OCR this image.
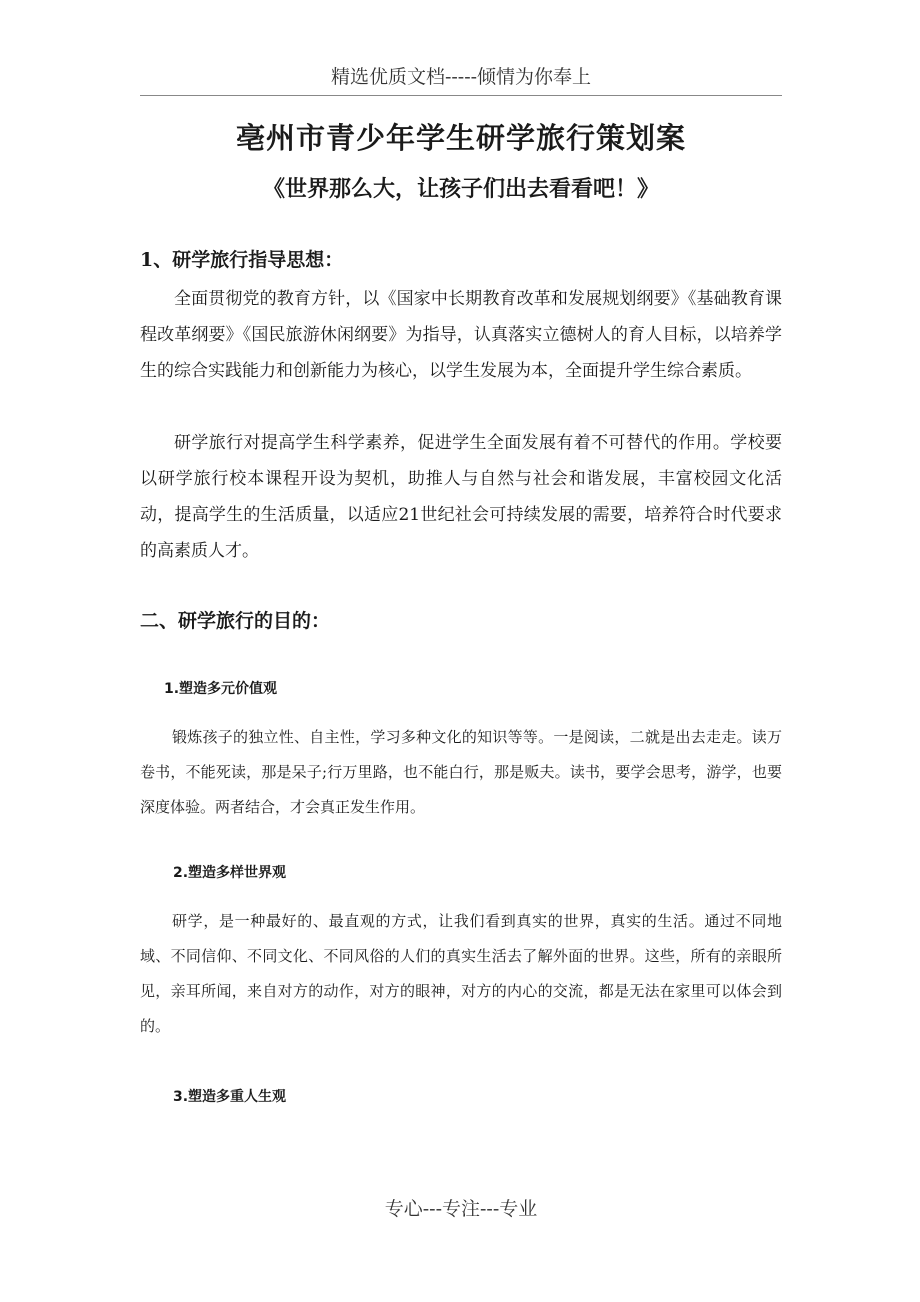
精选优质文档-----倾情为你奉上
亳州市青少年学生研学旅行策划案
《世界那么大，让孩子们出去看看吧！》
1、研学旅行指导思想：
全面贯彻党的教育方针，以《国家中长期教育改革和发展规划纲要》《基础教育课程改革纲要》《国民旅游休闲纲要》为指导，认真落实立德树人的育人目标，以培养学生的综合实践能力和创新能力为核心，以学生发展为本，全面提升学生综合素质。
研学旅行对提高学生科学素养，促进学生全面发展有着不可替代的作用。学校要以研学旅行校本课程开设为契机，助推人与自然与社会和谐发展，丰富校园文化活动，提高学生的生活质量，以适应21世纪社会可持续发展的需要，培养符合时代要求的高素质人才。
二、研学旅行的目的：
1.塑造多元价值观
锻炼孩子的独立性、自主性，学习多种文化的知识等等。一是阅读，二就是出去走走。读万卷书，不能死读，那是呆子;行万里路，也不能白行，那是贩夫。读书，要学会思考，游学，也要深度体验。两者结合，才会真正发生作用。
2.塑造多样世界观
研学，是一种最好的、最直观的方式，让我们看到真实的世界，真实的生活。通过不同地域、不同信仰、不同文化、不同风俗的人们的真实生活去了解外面的世界。这些，所有的亲眼所见，亲耳所闻，来自对方的动作，对方的眼神，对方的内心的交流，都是无法在家里可以体会到的。
3.塑造多重人生观
专心---专注---专业
